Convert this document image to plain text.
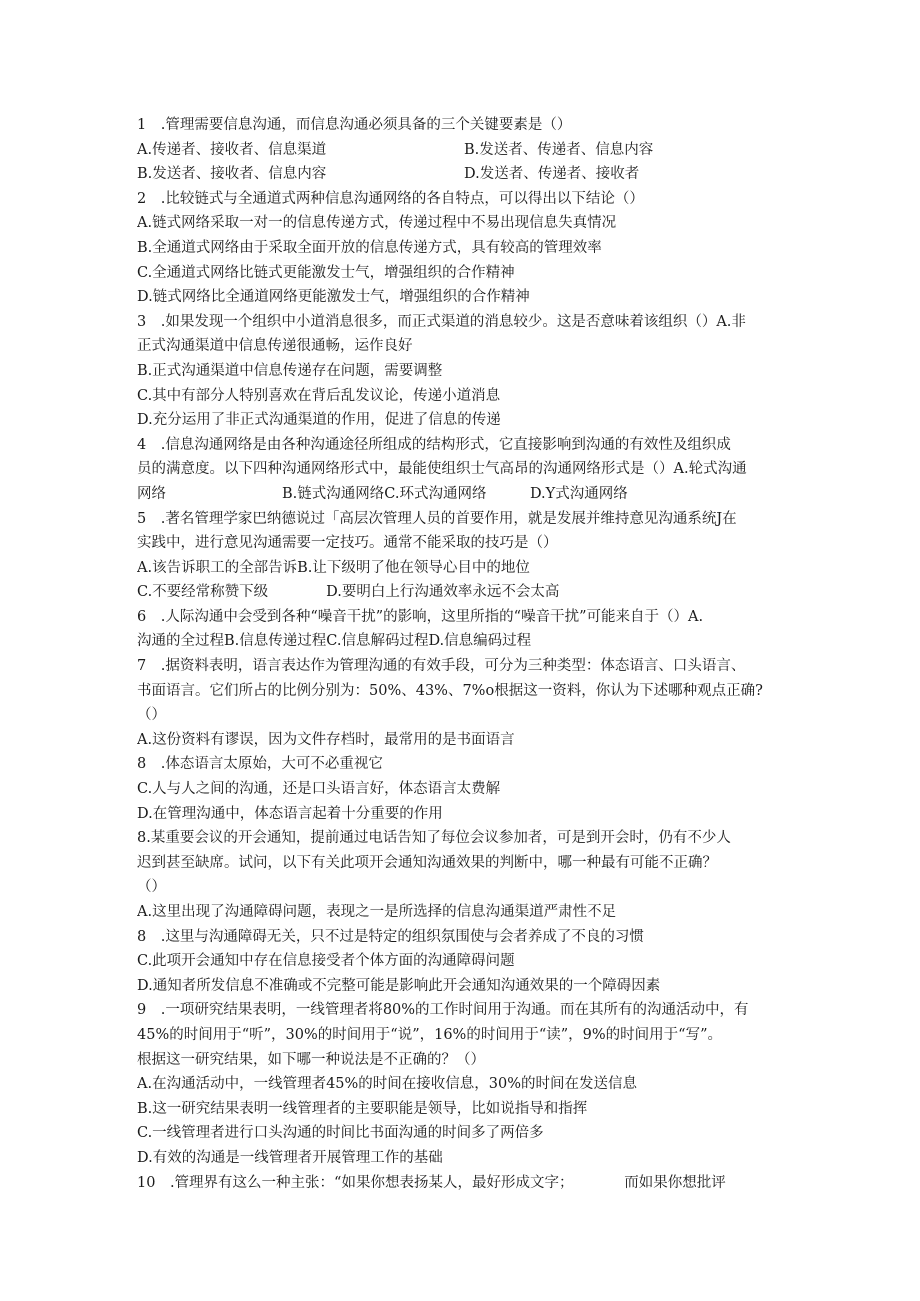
1　.管理需要信息沟通，而信息沟通必须具备的三个关键要素是（）
A.传递者、接收者、信息渠道	B.发送者、传递者、信息内容
B.发送者、接收者、信息内容	D.发送者、传递者、接收者
2　.比较链式与全通道式两种信息沟通网络的各自特点，可以得出以下结论（）
A.链式网络采取一对一的信息传递方式，传递过程中不易出现信息失真情况
B.全通道式网络由于采取全面开放的信息传递方式，具有较高的管理效率
C.全通道式网络比链式更能激发士气，增强组织的合作精神
D.链式网络比全通道网络更能激发士气，增强组织的合作精神
3　.如果发现一个组织中小道消息很多，而正式渠道的消息较少。这是否意味着该组织（）A.非
正式沟通渠道中信息传递很通畅，运作良好
B.正式沟通渠道中信息传递存在问题，需要调整
C.其中有部分人特别喜欢在背后乱发议论，传递小道消息
D.充分运用了非正式沟通渠道的作用，促进了信息的传递
4　.信息沟通网络是由各种沟通途径所组成的结构形式，它直接影响到沟通的有效性及组织成
员的满意度。以下四种沟通网络形式中，最能使组织士气高昂的沟通网络形式是（）A.轮式沟通
网络　　　　　　　　B.链式沟通网络C.环式沟通网络　　　D.Y式沟通网络
5　.著名管理学家巴纳德说过「高层次管理人员的首要作用，就是发展并维持意见沟通系统J在
实践中，进行意见沟通需要一定技巧。通常不能采取的技巧是（）
A.该告诉职工的全部告诉B.让下级明了他在领导心目中的地位
C.不要经常称赞下级　　　　D.要明白上行沟通效率永远不会太高
6　.人际沟通中会受到各种“噪音干扰”的影响，这里所指的“噪音干扰”可能来自于（）A.
沟通的全过程B.信息传递过程C.信息解码过程D.信息编码过程
7　.据资料表明，语言表达作为管理沟通的有效手段，可分为三种类型：体态语言、口头语言、
书面语言。它们所占的比例分别为：50%、43%、7%o根据这一资料，你认为下述哪种观点正确?
（）
A.这份资料有谬误，因为文件存档时，最常用的是书面语言
8　.体态语言太原始，大可不必重视它
C.人与人之间的沟通，还是口头语言好，体态语言太费解
D.在管理沟通中，体态语言起着十分重要的作用
8.某重要会议的开会通知，提前通过电话告知了每位会议参加者，可是到开会时，仍有不少人
迟到甚至缺席。试问，以下有关此项开会通知沟通效果的判断中，哪一种最有可能不正确？
（）
A.这里出现了沟通障碍问题，表现之一是所选择的信息沟通渠道严肃性不足
8　.这里与沟通障碍无关，只不过是特定的组织氛围使与会者养成了不良的习惯
C.此项开会通知中存在信息接受者个体方面的沟通障碍问题
D.通知者所发信息不准确或不完整可能是影响此开会通知沟通效果的一个障碍因素
9　.一项研究结果表明，一线管理者将80%的工作时间用于沟通。而在其所有的沟通活动中，有
45%的时间用于“听”，30%的时间用于“说”，16%的时间用于“读”，9%的时间用于“写”。
根据这一研究结果，如下哪一种说法是不正确的？（）
A.在沟通活动中，一线管理者45%的时间在接收信息，30%的时间在发送信息
B.这一研究结果表明一线管理者的主要职能是领导，比如说指导和指挥
C.一线管理者进行口头沟通的时间比书面沟通的时间多了两倍多
D.有效的沟通是一线管理者开展管理工作的基础
10　.管理界有这么一种主张：“如果你想表扬某人，最好形成文字；　　　　而如果你想批评
